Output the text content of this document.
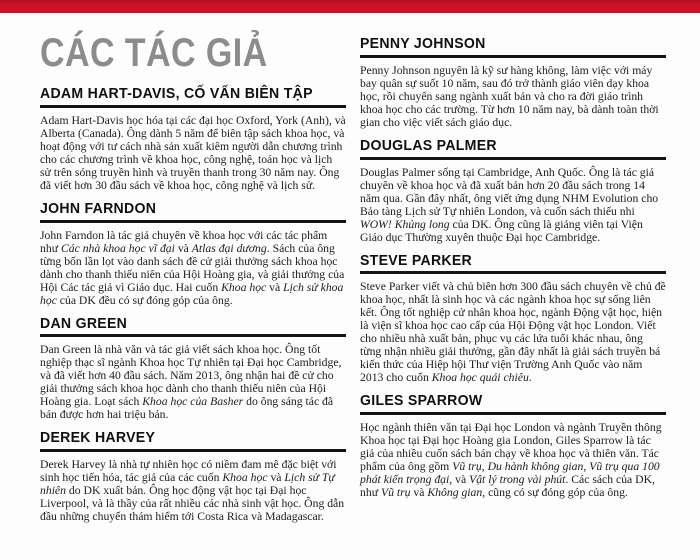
CÁC TÁC GIẢ
ADAM HART-DAVIS, CỐ VẤN BIÊN TẬP

Adam Hart-Davis học hóa tại các đại học Oxford, York (Anh), và Alberta (Canada). Ông dành 5 năm để biên tập sách khoa học, và hoạt động với tư cách nhà sản xuất kiêm người dẫn chương trình cho các chương trình về khoa học, công nghệ, toán học và lịch sử trên sóng truyền hình và truyền thanh trong 30 năm nay. Ông đã viết hơn 30 đầu sách về khoa học, công nghệ và lịch sử.

JOHN FARNDON

John Farndon là tác giả chuyên về khoa học với các tác phẩm như Các nhà khoa học vĩ đại và Atlas đại dương. Sách của ông từng bốn lần lọt vào danh sách đề cử giải thưởng sách khoa học dành cho thanh thiếu niên của Hội Hoàng gia, và giải thưởng của Hội Các tác giả vì Giáo dục. Hai cuốn Khoa học và Lịch sử khoa học của DK đều có sự đóng góp của ông.

DAN GREEN

Dan Green là nhà văn và tác giả viết sách khoa học. Ông tốt nghiệp thạc sĩ ngành Khoa học Tự nhiên tại Đại học Cambridge, và đã viết hơn 40 đầu sách. Năm 2013, ông nhận hai đề cử cho giải thưởng sách khoa học dành cho thanh thiếu niên của Hội Hoàng gia. Loạt sách Khoa học của Basher do ông sáng tác đã bán được hơn hai triệu bản.

DEREK HARVEY

Derek Harvey là nhà tự nhiên học có niềm đam mê đặc biệt với sinh học tiến hóa, tác giả của các cuốn Khoa học và Lịch sử Tự nhiên do DK xuất bản. Ông học động vật học tại Đại học Liverpool, và là thầy của rất nhiều các nhà sinh vật học. Ông dẫn đầu những chuyến thám hiểm tới Costa Rica và Madagascar.

PENNY JOHNSON

Penny Johnson nguyên là kỹ sư hàng không, làm việc với máy bay quân sự suốt 10 năm, sau đó trở thành giáo viên dạy khoa học, rồi chuyển sang ngành xuất bản và cho ra đời giáo trình khoa học cho các trường. Từ hơn 10 năm nay, bà dành toàn thời gian cho việc viết sách giáo dục.

DOUGLAS PALMER

Douglas Palmer sống tại Cambridge, Anh Quốc. Ông là tác giả chuyên về khoa học và đã xuất bản hơn 20 đầu sách trong 14 năm qua. Gần đây nhất, ông viết ứng dụng NHM Evolution cho Bảo tàng Lịch sử Tự nhiên London, và cuốn sách thiếu nhi WOW! Khủng long của DK. Ông cũng là giảng viên tại Viện Giáo dục Thường xuyên thuộc Đại học Cambridge.

STEVE PARKER

Steve Parker viết và chủ biên hơn 300 đầu sách chuyên về chủ đề khoa học, nhất là sinh học và các ngành khoa học sự sống liên kết. Ông tốt nghiệp cử nhân khoa học, ngành Động vật học, hiện là viện sĩ khoa học cao cấp của Hội Động vật học London. Viết cho nhiều nhà xuất bản, phục vụ các lứa tuổi khác nhau, ông từng nhận nhiều giải thưởng, gần đây nhất là giải sách truyền bá kiến thức của Hiệp hội Thư viện Trường Anh Quốc vào năm 2013 cho cuốn Khoa học quái chiêu.

GILES SPARROW

Học ngành thiên văn tại Đại học London và ngành Truyền thông Khoa học tại Đại học Hoàng gia London, Giles Sparrow là tác giả của nhiều cuốn sách bán chạy về khoa học và thiên văn. Tác phẩm của ông gồm Vũ trụ, Du hành không gian, Vũ trụ qua 100 phát kiến trọng đại, và Vật lý trong vài phút. Các sách của DK, như Vũ trụ và Không gian, cũng có sự đóng góp của ông.
